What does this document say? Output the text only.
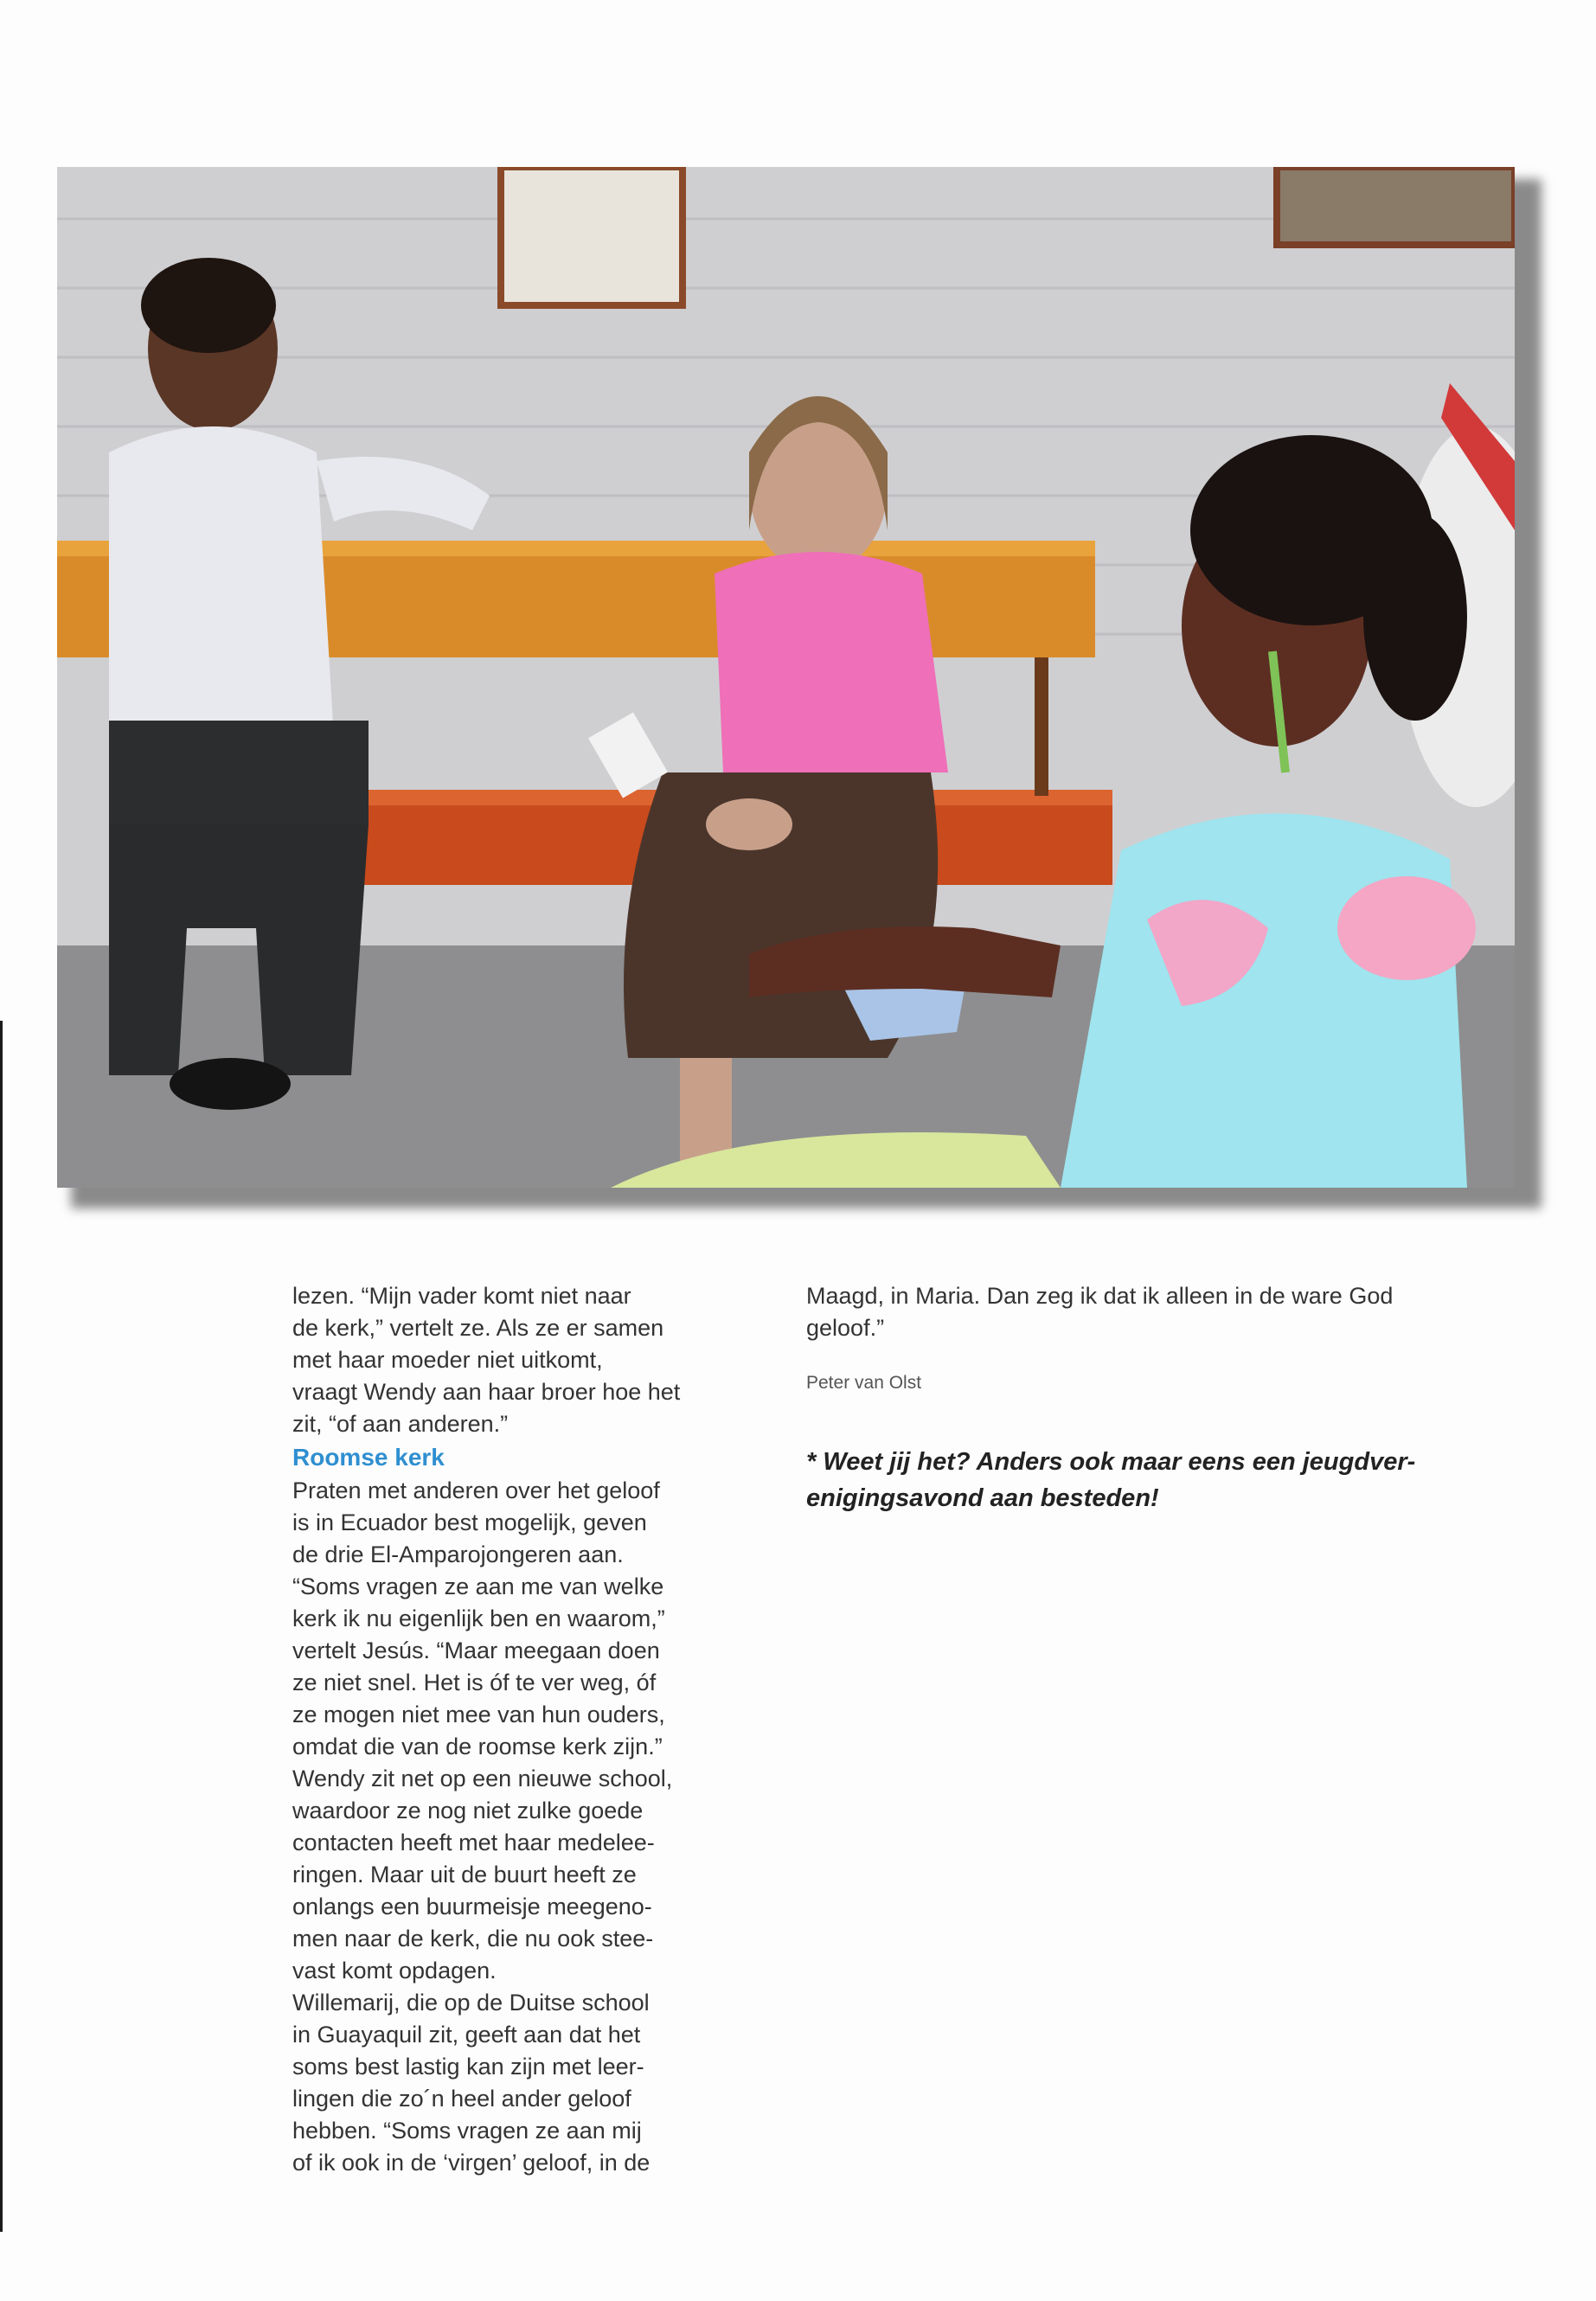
lezen. “Mijn vader komt niet naar
de kerk,” vertelt ze. Als ze er samen
met haar moeder niet uitkomt,
vraagt Wendy aan haar broer hoe het
zit, “of aan anderen.”

Roomse kerk

Praten met anderen over het geloof
is in Ecuador best mogelijk, geven
de drie El-Amparojongeren aan.
“Soms vragen ze aan me van welke
kerk ik nu eigenlijk ben en waarom,”
vertelt Jesús. “Maar meegaan doen
ze niet snel. Het is óf te ver weg, óf
ze mogen niet mee van hun ouders,
omdat die van de roomse kerk zijn.”
Wendy zit net op een nieuwe school,
waardoor ze nog niet zulke goede
contacten heeft met haar medelee-
ringen. Maar uit de buurt heeft ze
onlangs een buurmeisje meegeno-
men naar de kerk, die nu ook stee-
vast komt opdagen.

Willemarij, die op de Duitse school
in Guayaquil zit, geeft aan dat het
soms best lastig kan zijn met leer-
lingen die zo´n heel ander geloof
hebben. “Soms vragen ze aan mij
of ik ook in de ‘virgen’ geloof, in de

Maagd, in Maria. Dan zeg ik dat ik alleen in de ware God
geloof.”

Peter van Olst

* Weet jij het? Anders ook maar eens een jeugdver-
enigingsavond aan besteden!
